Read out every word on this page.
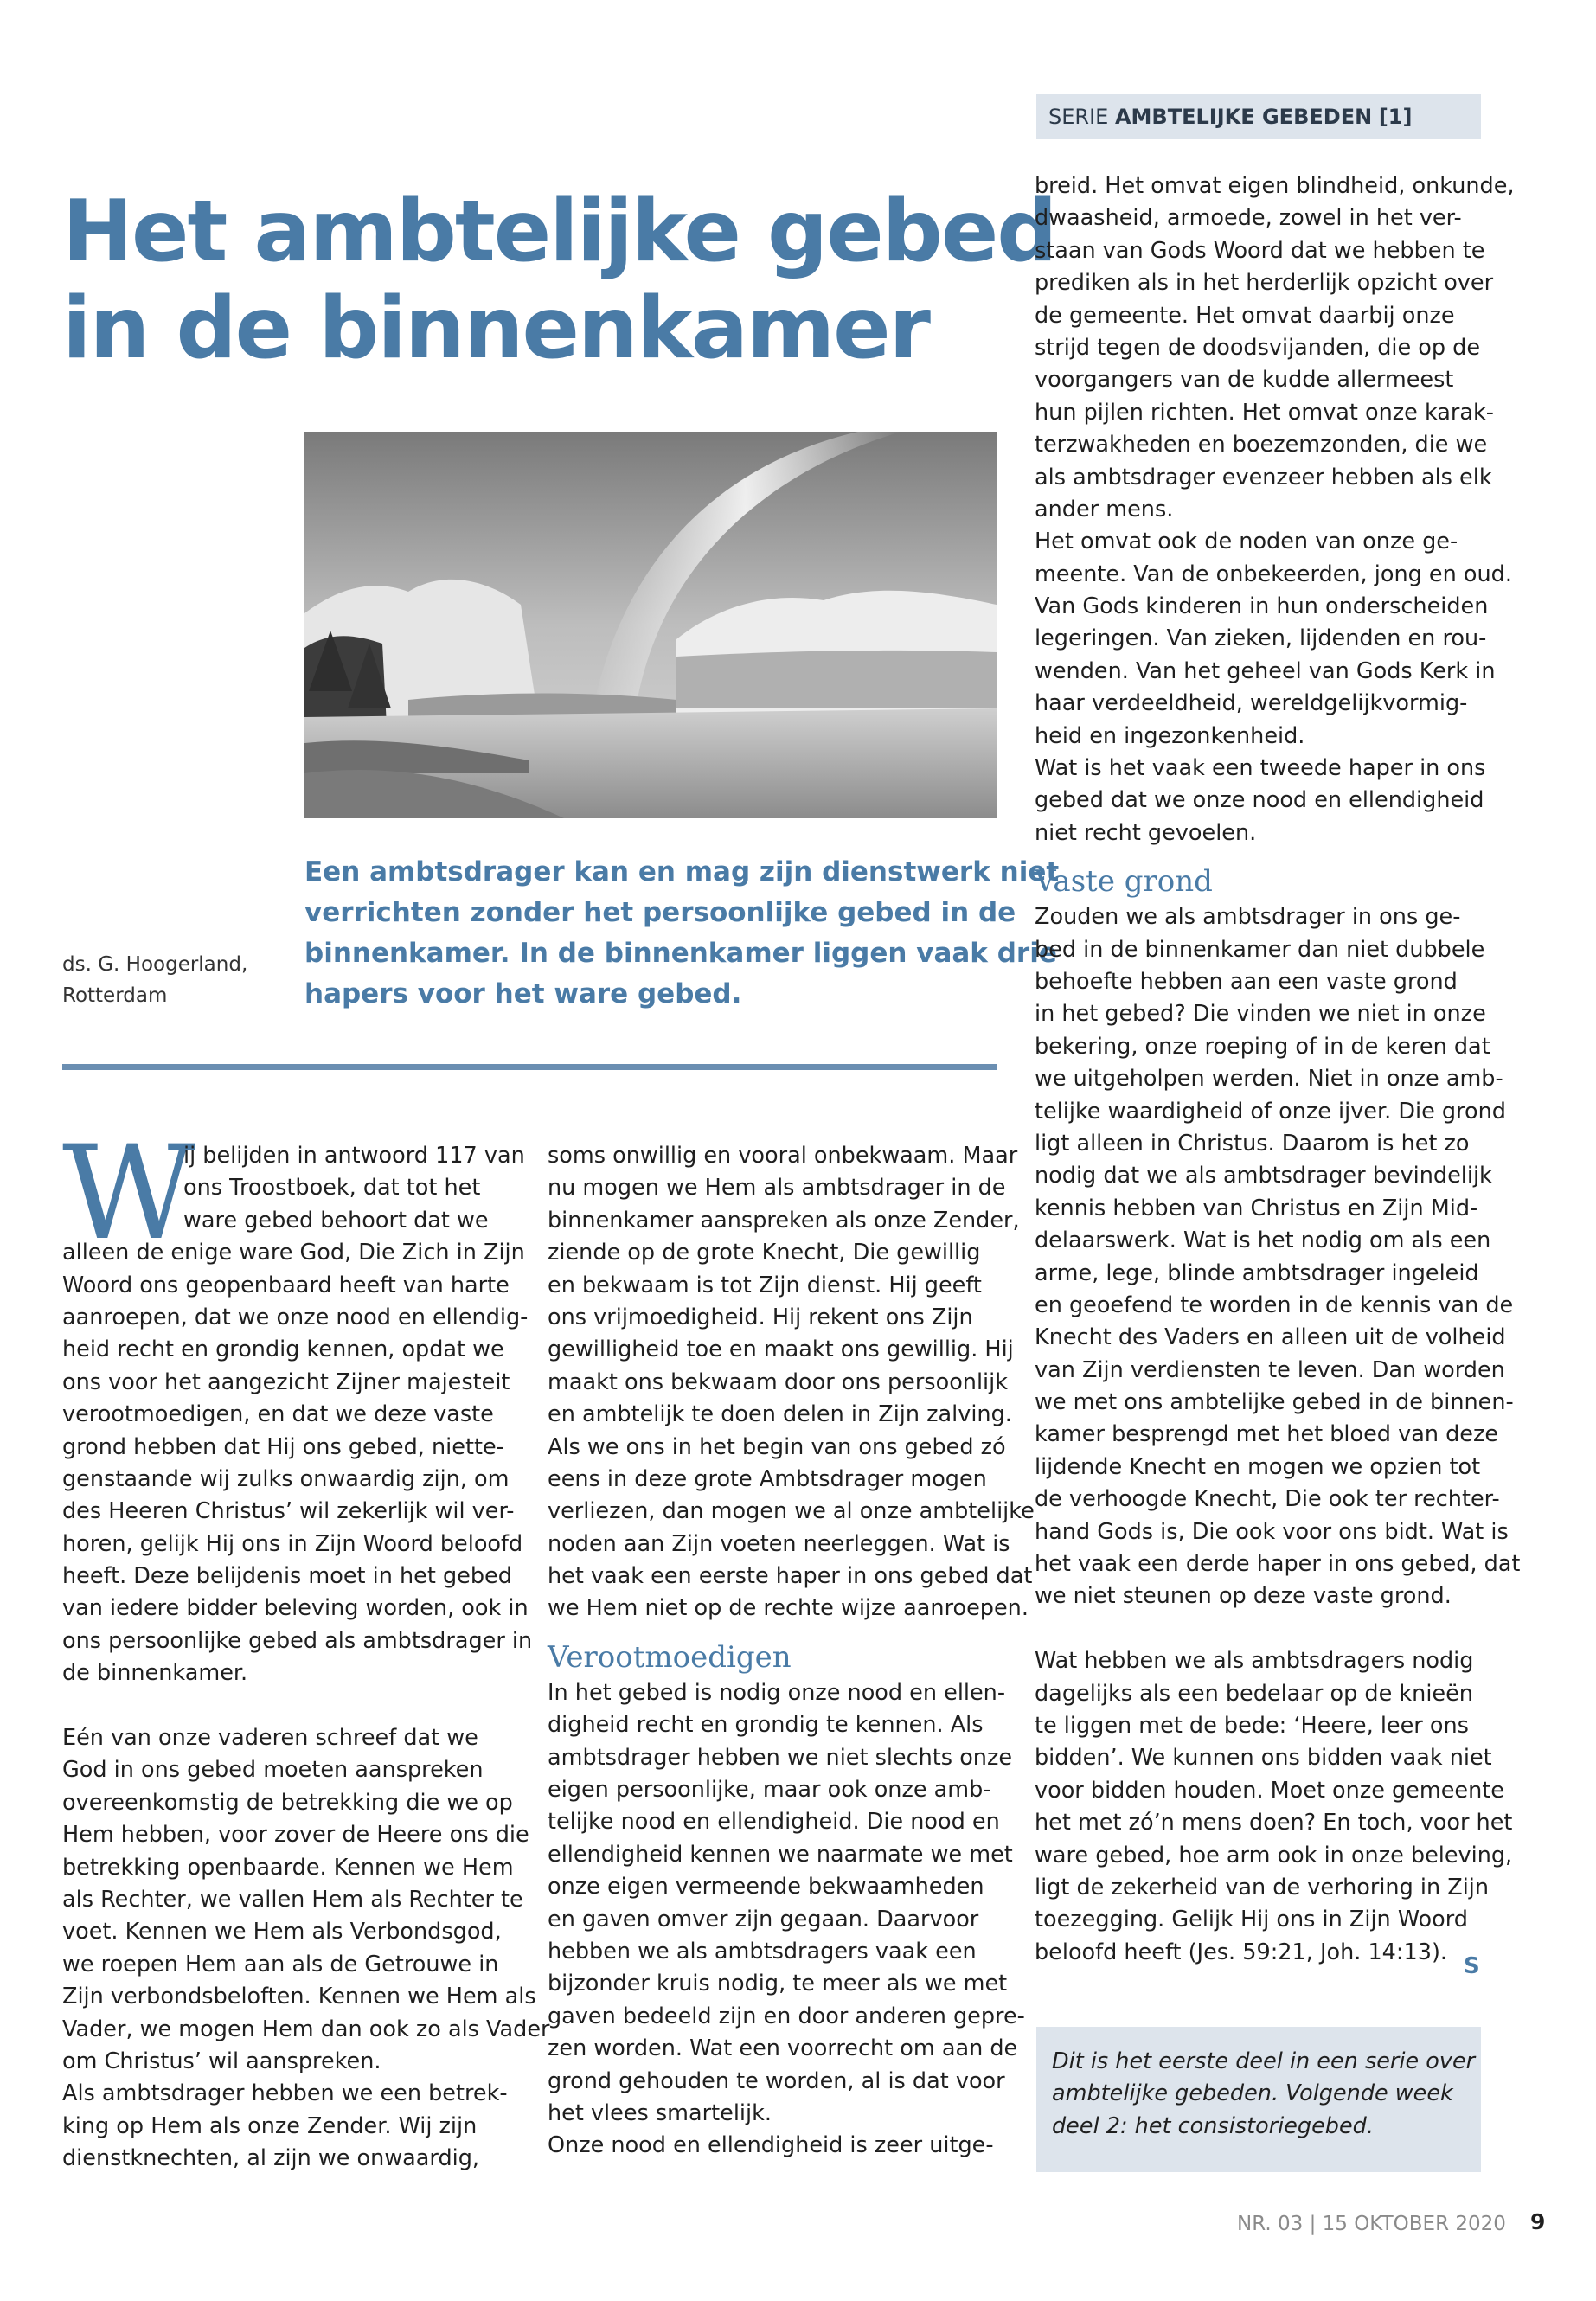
SERIE AMBTELIJKE GEBEDEN [1]
Het ambtelijke gebed
in de binnenkamer
ds. G. Hoogerland,
Rotterdam
Een ambtsdrager kan en mag zijn dienstwerk niet
verrichten zonder het persoonlijke gebed in de
binnenkamer. In de binnenkamer liggen vaak drie
hapers voor het ware gebed.
W
ij belijden in antwoord 117 van
ons Troostboek, dat tot het
ware gebed behoort dat we
alleen de enige ware God, Die Zich in Zijn
Woord ons geopenbaard heeft van harte
aanroepen, dat we onze nood en ellendig-
heid recht en grondig kennen, opdat we
ons voor het aangezicht Zijner majesteit
verootmoedigen, en dat we deze vaste
grond hebben dat Hij ons gebed, niette-
genstaande wij zulks onwaardig zijn, om
des Heeren Christus’ wil zekerlijk wil ver-
horen, gelijk Hij ons in Zijn Woord beloofd
heeft. Deze belijdenis moet in het gebed
van iedere bidder beleving worden, ook in
ons persoonlijke gebed als ambtsdrager in
de binnenkamer.
Eén van onze vaderen schreef dat we
God in ons gebed moeten aanspreken
overeenkomstig de betrekking die we op
Hem hebben, voor zover de Heere ons die
betrekking openbaarde. Kennen we Hem
als Rechter, we vallen Hem als Rechter te
voet. Kennen we Hem als Verbondsgod,
we roepen Hem aan als de Getrouwe in
Zijn verbondsbeloften. Kennen we Hem als
Vader, we mogen Hem dan ook zo als Vader
om Christus’ wil aanspreken.
Als ambtsdrager hebben we een betrek-
king op Hem als onze Zender. Wij zijn
dienstknechten, al zijn we onwaardig,
soms onwillig en vooral onbekwaam. Maar
nu mogen we Hem als ambtsdrager in de
binnenkamer aanspreken als onze Zender,
ziende op de grote Knecht, Die gewillig
en bekwaam is tot Zijn dienst. Hij geeft
ons vrijmoedigheid. Hij rekent ons Zijn
gewilligheid toe en maakt ons gewillig. Hij
maakt ons bekwaam door ons persoonlijk
en ambtelijk te doen delen in Zijn zalving.
Als we ons in het begin van ons gebed zó
eens in deze grote Ambtsdrager mogen
verliezen, dan mogen we al onze ambtelijke
noden aan Zijn voeten neerleggen. Wat is
het vaak een eerste haper in ons gebed dat
we Hem niet op de rechte wijze aanroepen.
Verootmoedigen
In het gebed is nodig onze nood en ellen-
digheid recht en grondig te kennen. Als
ambtsdrager hebben we niet slechts onze
eigen persoonlijke, maar ook onze amb-
telijke nood en ellendigheid. Die nood en
ellendigheid kennen we naarmate we met
onze eigen vermeende bekwaamheden
en gaven omver zijn gegaan. Daarvoor
hebben we als ambtsdragers vaak een
bijzonder kruis nodig, te meer als we met
gaven bedeeld zijn en door anderen gepre-
zen worden. Wat een voorrecht om aan de
grond gehouden te worden, al is dat voor
het vlees smartelijk.
Onze nood en ellendigheid is zeer uitge-
breid. Het omvat eigen blindheid, onkunde,
dwaasheid, armoede, zowel in het ver-
staan van Gods Woord dat we hebben te
prediken als in het herderlijk opzicht over
de gemeente. Het omvat daarbij onze
strijd tegen de doodsvijanden, die op de
voorgangers van de kudde allermeest
hun pijlen richten. Het omvat onze karak-
terzwakheden en boezemzonden, die we
als ambtsdrager evenzeer hebben als elk
ander mens.
Het omvat ook de noden van onze ge-
meente. Van de onbekeerden, jong en oud.
Van Gods kinderen in hun onderscheiden
legeringen. Van zieken, lijdenden en rou-
wenden. Van het geheel van Gods Kerk in
haar verdeeldheid, wereldgelijkvormig-
heid en ingezonkenheid.
Wat is het vaak een tweede haper in ons
gebed dat we onze nood en ellendigheid
niet recht gevoelen.
Vaste grond
Zouden we als ambtsdrager in ons ge-
bed in de binnenkamer dan niet dubbele
behoefte hebben aan een vaste grond
in het gebed? Die vinden we niet in onze
bekering, onze roeping of in de keren dat
we uitgeholpen werden. Niet in onze amb-
telijke waardigheid of onze ijver. Die grond
ligt alleen in Christus. Daarom is het zo
nodig dat we als ambtsdrager bevindelijk
kennis hebben van Christus en Zijn Mid-
delaarswerk. Wat is het nodig om als een
arme, lege, blinde ambtsdrager ingeleid
en geoefend te worden in de kennis van de
Knecht des Vaders en alleen uit de volheid
van Zijn verdiensten te leven. Dan worden
we met ons ambtelijke gebed in de binnen-
kamer besprengd met het bloed van deze
lijdende Knecht en mogen we opzien tot
de verhoogde Knecht, Die ook ter rechter-
hand Gods is, Die ook voor ons bidt. Wat is
het vaak een derde haper in ons gebed, dat
we niet steunen op deze vaste grond.
Wat hebben we als ambtsdragers nodig
dagelijks als een bedelaar op de knieën
te liggen met de bede: ‘Heere, leer ons
bidden’. We kunnen ons bidden vaak niet
voor bidden houden. Moet onze gemeente
het met zó’n mens doen? En toch, voor het
ware gebed, hoe arm ook in onze beleving,
ligt de zekerheid van de verhoring in Zijn
toezegging. Gelijk Hij ons in Zijn Woord
beloofd heeft (Jes. 59:21, Joh. 14:13).
S
Dit is het eerste deel in een serie over
ambtelijke gebeden. Volgende week
deel 2: het consistoriegebed.
NR. 03 | 15 OKTOBER 2020 9
